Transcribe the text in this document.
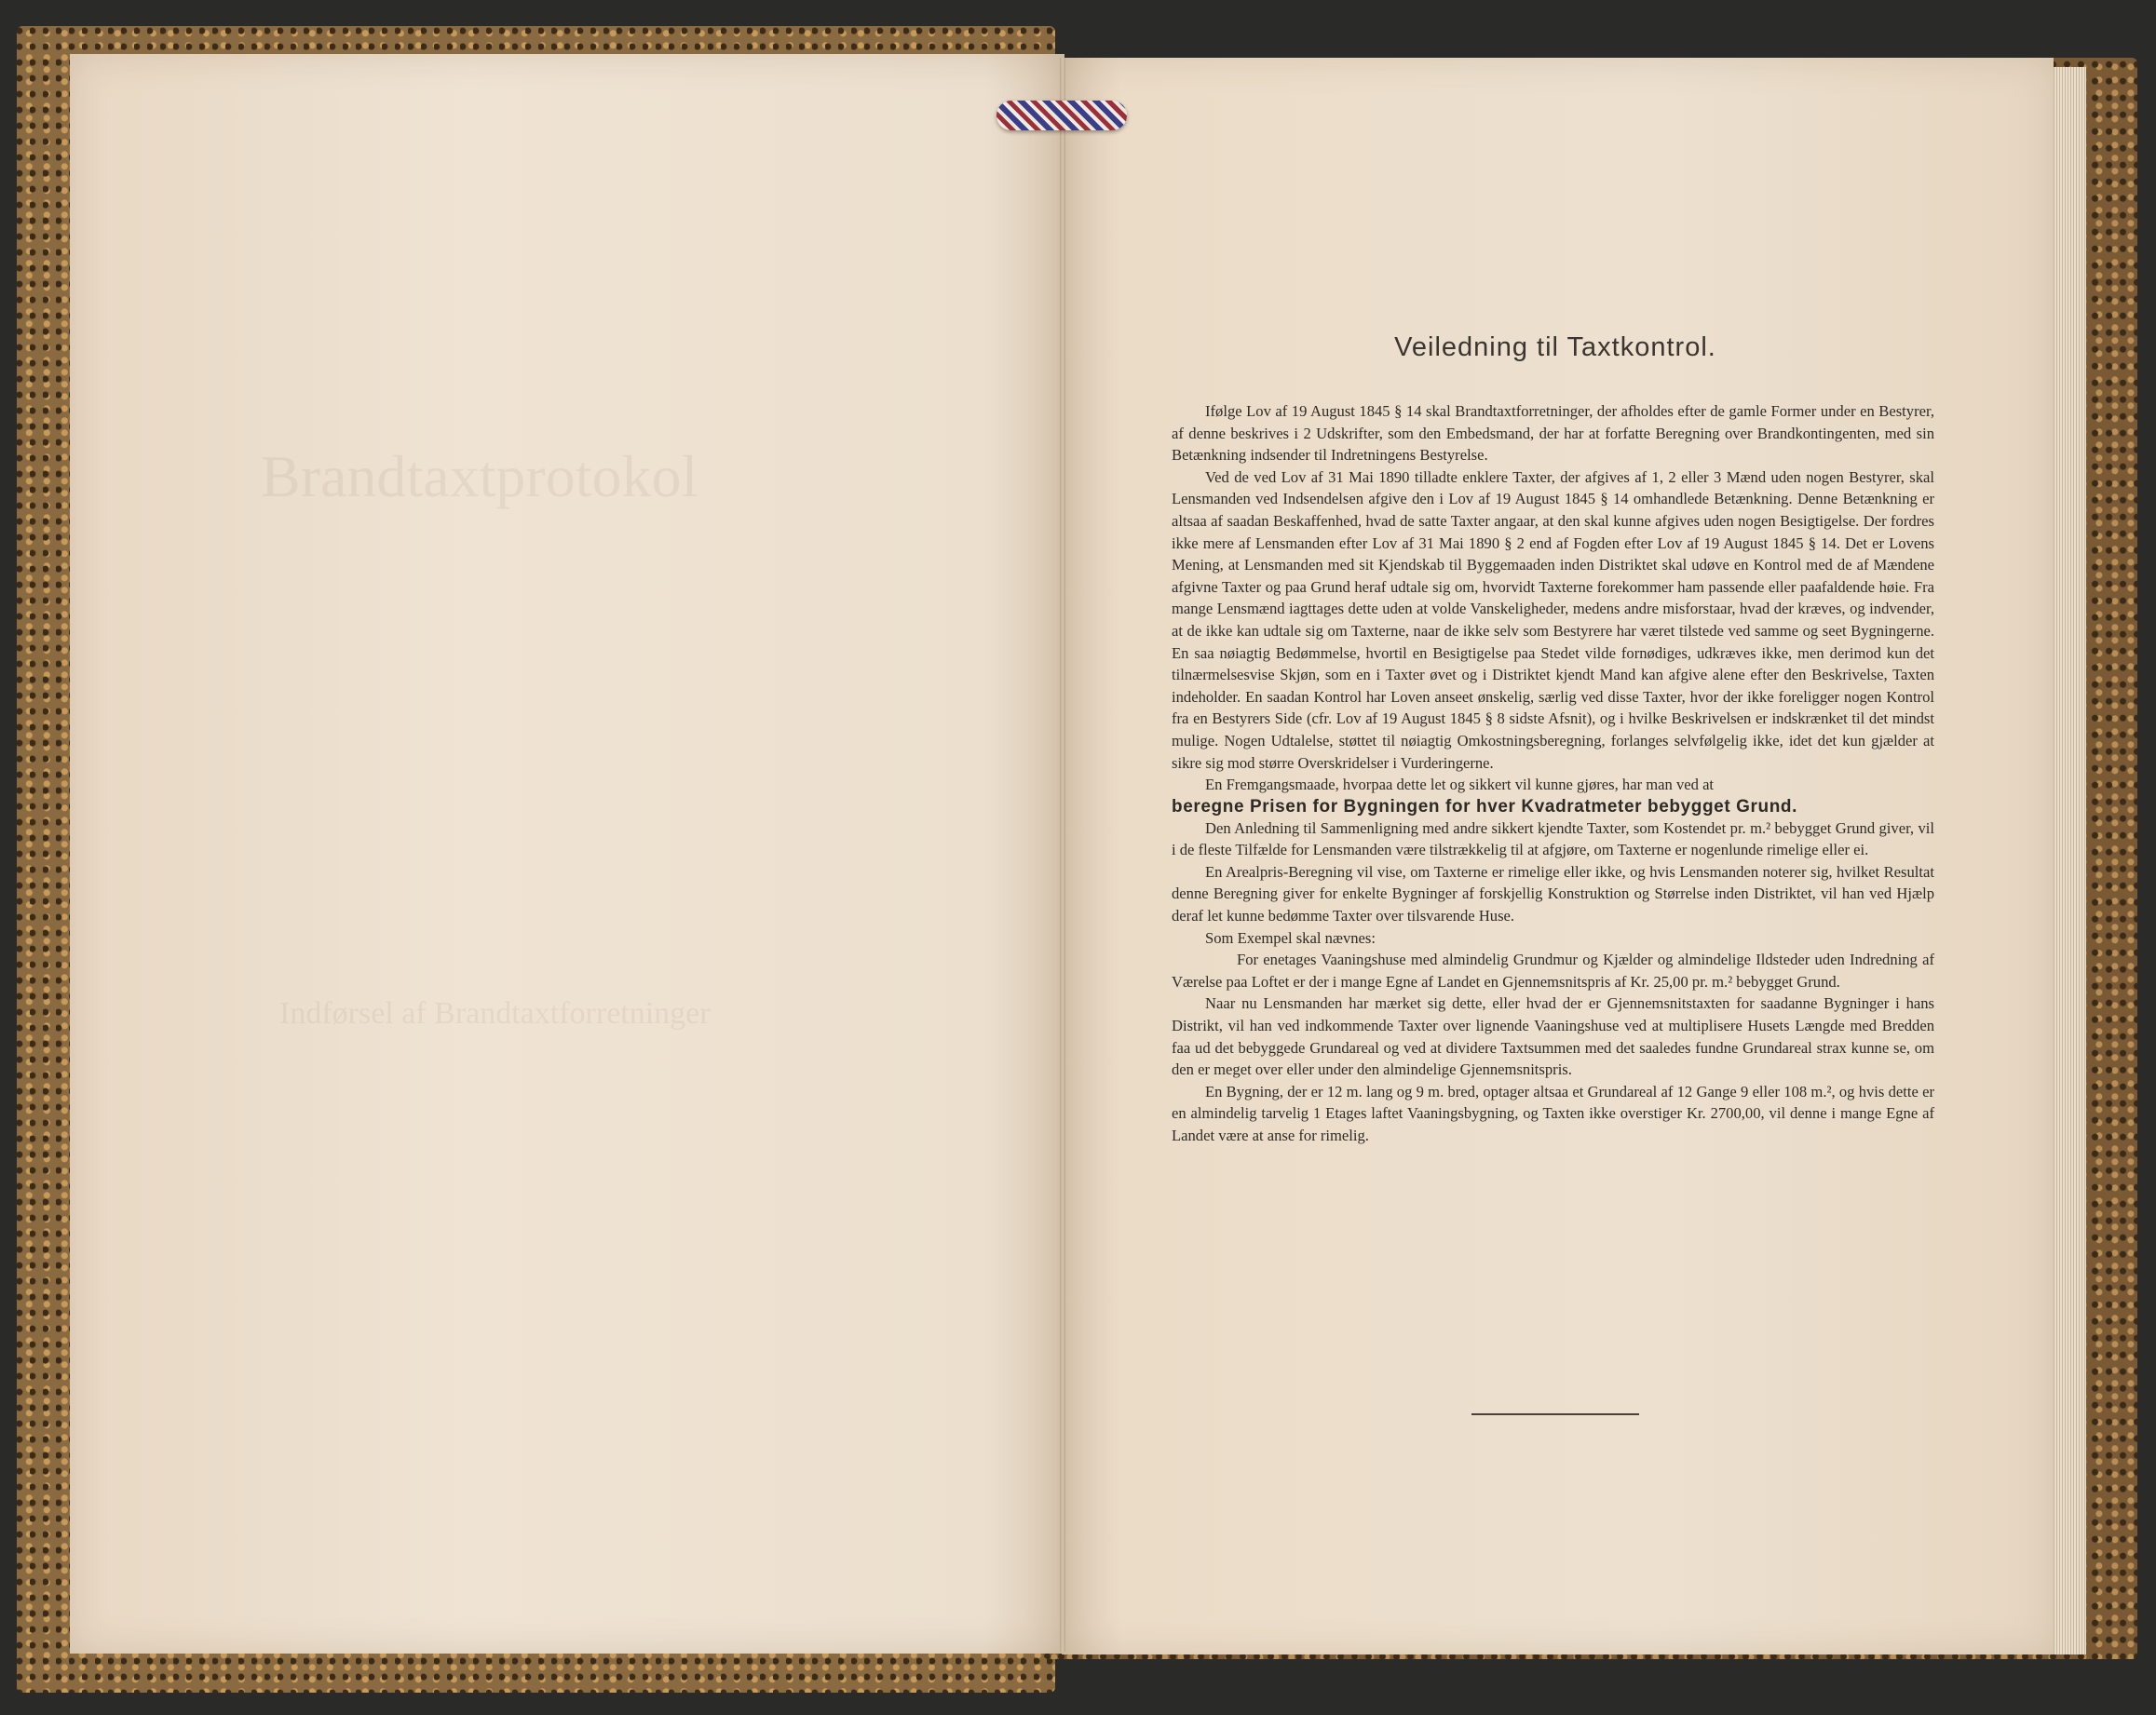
Brandtaxtprotokol
Indførsel af Brandtaxtforretninger
Veiledning til Taxtkontrol.

Ifølge Lov af 19 August 1845 § 14 skal Brandtaxtforretninger, der afholdes efter de gamle Former under en Bestyrer, af denne beskrives i 2 Udskrifter, som den Embedsmand, der har at forfatte Beregning over Brandkontingenten, med sin Betænkning indsender til Indretningens Bestyrelse.

Ved de ved Lov af 31 Mai 1890 tilladte enklere Taxter, der afgives af 1, 2 eller 3 Mænd uden nogen Bestyrer, skal Lensmanden ved Indsendelsen afgive den i Lov af 19 August 1845 § 14 omhandlede Betænkning. Denne Betænkning er altsaa af saadan Beskaffenhed, hvad de satte Taxter angaar, at den skal kunne afgives uden nogen Besigtigelse. Der fordres ikke mere af Lensmanden efter Lov af 31 Mai 1890 § 2 end af Fogden efter Lov af 19 August 1845 § 14. Det er Lovens Mening, at Lensmanden med sit Kjendskab til Byggemaaden inden Distriktet skal udøve en Kontrol med de af Mændene afgivne Taxter og paa Grund heraf udtale sig om, hvorvidt Taxterne forekommer ham passende eller paafaldende høie. Fra mange Lensmænd iagttages dette uden at volde Vanskeligheder, medens andre misforstaar, hvad der kræves, og indvender, at de ikke kan udtale sig om Taxterne, naar de ikke selv som Bestyrere har været tilstede ved samme og seet Bygningerne. En saa nøiagtig Bedømmelse, hvortil en Besigtigelse paa Stedet vilde fornødiges, udkræves ikke, men derimod kun det tilnærmelsesvise Skjøn, som en i Taxter øvet og i Distriktet kjendt Mand kan afgive alene efter den Beskrivelse, Taxten indeholder. En saadan Kontrol har Loven anseet ønskelig, særlig ved disse Taxter, hvor der ikke foreligger nogen Kontrol fra en Bestyrers Side (cfr. Lov af 19 August 1845 § 8 sidste Afsnit), og i hvilke Beskrivelsen er indskrænket til det mindst mulige. Nogen Udtalelse, støttet til nøiagtig Omkostningsberegning, forlanges selvfølgelig ikke, idet det kun gjælder at sikre sig mod større Overskridelser i Vurderingerne.

En Fremgangsmaade, hvorpaa dette let og sikkert vil kunne gjøres, har man ved at

beregne Prisen for Bygningen for hver Kvadratmeter bebygget Grund.

Den Anledning til Sammenligning med andre sikkert kjendte Taxter, som Kostendet pr. m.² bebygget Grund giver, vil i de fleste Tilfælde for Lensmanden være tilstrækkelig til at afgjøre, om Taxterne er nogenlunde rimelige eller ei.

En Arealpris-Beregning vil vise, om Taxterne er rimelige eller ikke, og hvis Lensmanden noterer sig, hvilket Resultat denne Beregning giver for enkelte Bygninger af forskjellig Konstruktion og Størrelse inden Distriktet, vil han ved Hjælp deraf let kunne bedømme Taxter over tilsvarende Huse.

Som Exempel skal nævnes:

For enetages Vaaningshuse med almindelig Grundmur og Kjælder og almindelige Ildsteder uden Indredning af Værelse paa Loftet er der i mange Egne af Landet en Gjennemsnitspris af Kr. 25,00 pr. m.² bebygget Grund.

Naar nu Lensmanden har mærket sig dette, eller hvad der er Gjennemsnitstaxten for saadanne Bygninger i hans Distrikt, vil han ved indkommende Taxter over lignende Vaaningshuse ved at multiplisere Husets Længde med Bredden faa ud det bebyggede Grundareal og ved at dividere Taxtsummen med det saaledes fundne Grundareal strax kunne se, om den er meget over eller under den almindelige Gjennemsnitspris.

En Bygning, der er 12 m. lang og 9 m. bred, optager altsaa et Grundareal af 12 Gange 9 eller 108 m.², og hvis dette er en almindelig tarvelig 1 Etages laftet Vaaningsbygning, og Taxten ikke overstiger Kr. 2700,00, vil denne i mange Egne af Landet være at anse for rimelig.
